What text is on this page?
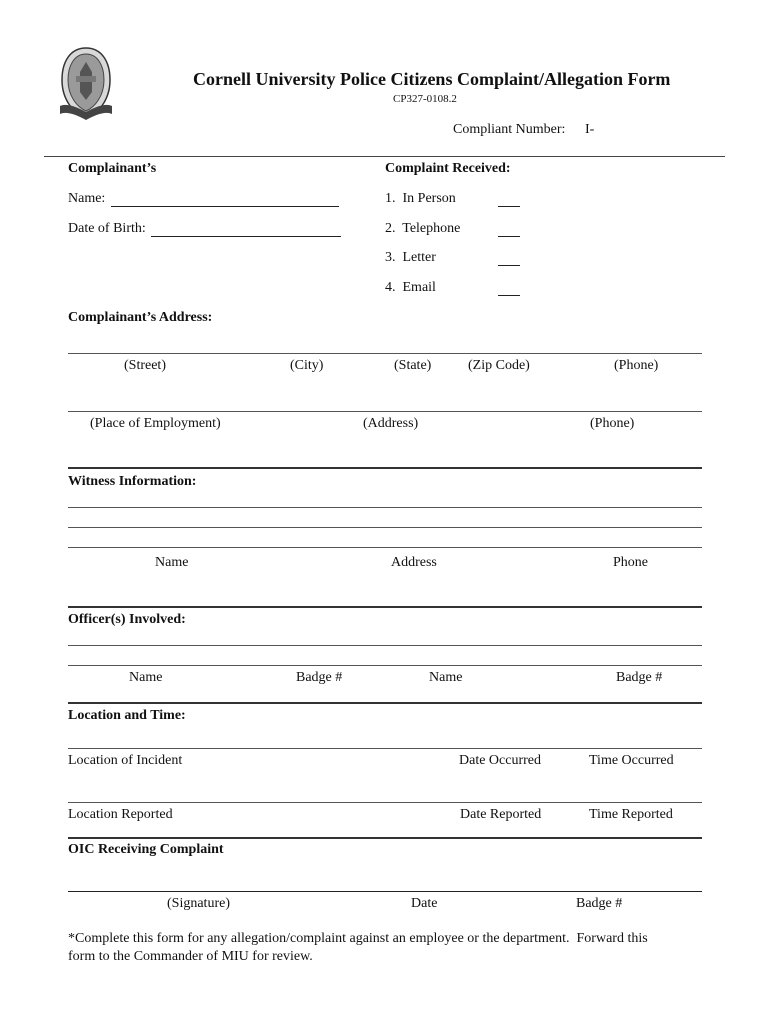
Cornell University Police Citizens Complaint/Allegation Form
CP327-0108.2
Compliant Number: I-
Complainant’s
Name:
Date of Birth:
Complaint Received:
1.  In Person
2.  Telephone
3.  Letter
4.  Email
Complainant’s Address:
(Street)	(City)	(State)	(Zip Code)	(Phone)
(Place of Employment)	(Address)	(Phone)
Witness Information:
Name	Address	Phone
Officer(s) Involved:
Name	Badge #	Name	Badge #
Location and Time:
Location of Incident	Date Occurred	Time Occurred
Location Reported	Date Reported	Time Reported
OIC Receiving Complaint
(Signature)	Date	Badge #
*Complete this form for any allegation/complaint against an employee or the department.  Forward this
form to the Commander of MIU for review.
